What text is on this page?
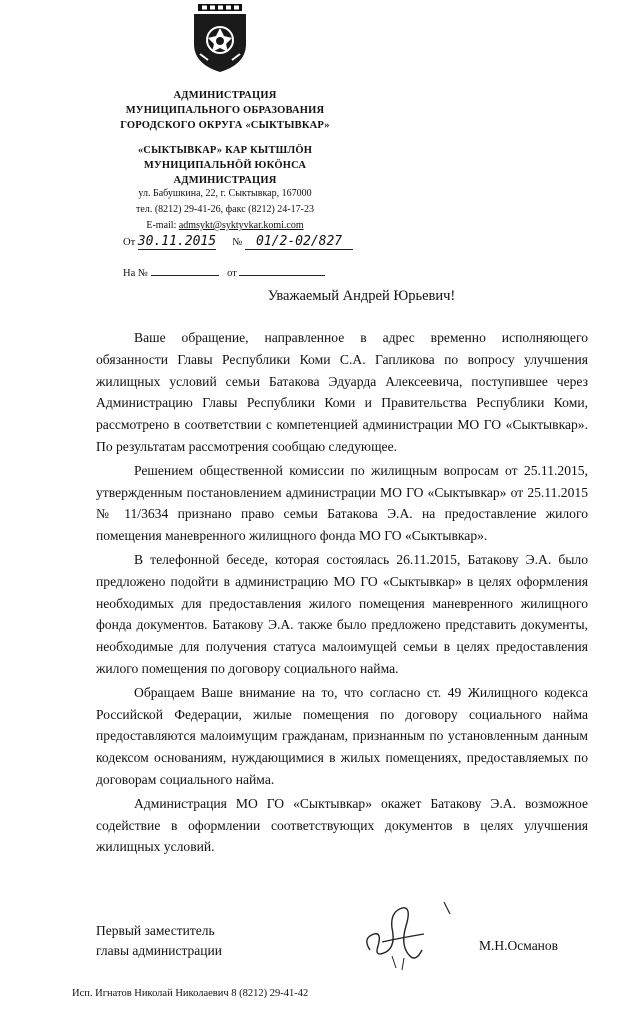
АДМИНИСТРАЦИЯ
МУНИЦИПАЛЬНОГО ОБРАЗОВАНИЯ
ГОРОДСКОГО ОКРУГА «СЫКТЫВКАР»
«СЫКТЫВКАР» КАР КЫТШЛÖН
МУНИЦИПАЛЬНÖЙ ЮКÖНСА
АДМИНИСТРАЦИЯ
ул. Бабушкина, 22, г. Сыктывкар, 167000
тел. (8212) 29-41-26, факс (8212) 24-17-23
E-mail: admsykt@syktyvkar.komi.com
От 30.11.2015 № 01/2-02/827
На №	от
Уважаемый Андрей Юрьевич!

Ваше обращение, направленное в адрес временно исполняющего обязанности Главы Республики Коми С.А. Гапликова по вопросу улучшения жилищных условий семьи Батакова Эдуарда Алексеевича, поступившее через Администрацию Главы Республики Коми и Правительства Республики Коми, рассмотрено в соответствии с компетенцией администрации МО ГО «Сыктывкар». По результатам рассмотрения сообщаю следующее.

Решением общественной комиссии по жилищным вопросам от 25.11.2015, утвержденным постановлением администрации МО ГО «Сыктывкар» от 25.11.2015 № 11/3634 признано право семьи Батакова Э.А. на предоставление жилого помещения маневренного жилищного фонда МО ГО «Сыктывкар».

В телефонной беседе, которая состоялась 26.11.2015, Батакову Э.А. было предложено подойти в администрацию МО ГО «Сыктывкар» в целях оформления необходимых для предоставления жилого помещения маневренного жилищного фонда документов. Батакову Э.А. также было предложено представить документы, необходимые для получения статуса малоимущей семьи в целях предоставления жилого помещения по договору социального найма.

Обращаем Ваше внимание на то, что согласно ст. 49 Жилищного кодекса Российской Федерации, жилые помещения по договору социального найма предоставляются малоимущим гражданам, признанным по установленным данным кодексом основаниям, нуждающимися в жилых помещениях, предоставляемых по договорам социального найма.

Администрация МО ГО «Сыктывкар» окажет Батакову Э.А. возможное содействие в оформлении соответствующих документов в целях улучшения жилищных условий.

Первый заместитель
главы администрации	М.Н.Османов
Исп. Игнатов Николай Николаевич 8 (8212) 29-41-42
